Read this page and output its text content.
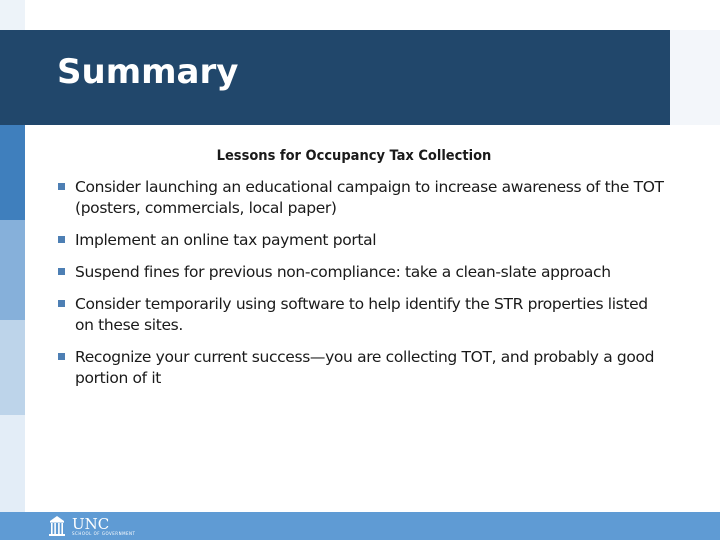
Summary
Lessons for Occupancy Tax Collection
Consider launching an educational campaign to increase awareness of the TOT (posters, commercials, local paper)
Implement an online tax payment portal
Suspend fines for previous non-compliance: take a clean-slate approach
Consider temporarily using software to help identify the STR properties listed on these sites.
Recognize your current success—you are collecting TOT, and probably a good portion of it
UNC
SCHOOL OF GOVERNMENT
